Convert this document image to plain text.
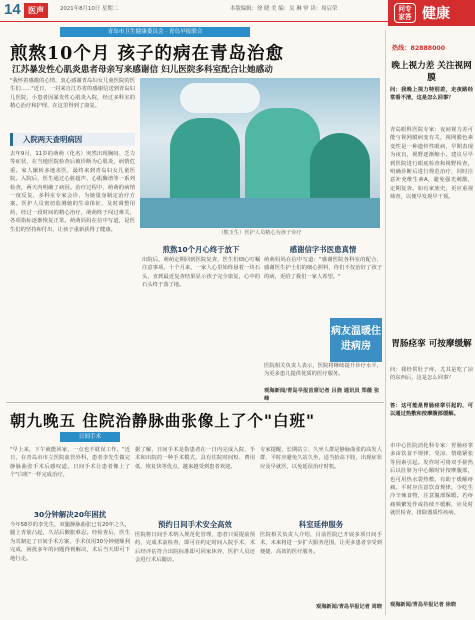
14 医声	2021年8月10日 星期二	本版编辑：徐 晓 美 编：吴 琳 审 读：周启荣
青岛市卫生健康委员会 · 青岛早报联合
煎熬10个月 孩子的病在青岛治愈
江苏暴发性心肌炎患者母亲写来感谢信 妇儿医院多科室配合让她感动
"我怀着感激的心情，衷心感谢青岛妇女儿童医院的医生们……"近日，一封来自江苏省的感谢信送到青岛妇儿医院，小患者因暴发性心肌炎入院，经过多科室的精心治疗和护理，在这里得到了康复。
入院两天查明病因
去年9月，11岁的萌萌（化名）突然出现胸闷、乏力等症状，在当地医院检查后被诊断为心肌炎，病情危重。家人辗转多地求医，最终来到青岛妇女儿童医院。入院后，医生通过心脏超声、心肌酶谱等一系列检查，两天内明确了病因。治疗过程中，萌萌的病情一度反复，多科室专家会诊，为她量身制定治疗方案。医护人员密切监测她的生命体征，及时调整用药，经过一段时间的精心治疗，萌萌终于闯过难关，各项指标逐渐恢复正常。萌萌妈妈在信中写道，是医生们的坚持和付出，让孩子重新获得了健康。
（熊玉生）医护人员精心为孩子诊疗
煎熬10个月心终于放下
出院后，萌萌定期回到医院复查，医生们细心叮嘱注意事项。十个月来，一家人心里始终悬着一块石头，直到最近复查结果显示孩子完全康复，心中的石头终于落了地。
感谢信字书医患真情
萌萌妈妈在信中写道："感谢医院各科室的配合，感谢医生护士们的细心照料，你们不仅治好了孩子的病，更给了我们一家人希望。"
病友温暖住进病房
医院相关负责人表示，医院将继续提升诊疗水平，为更多患儿提供优质的医疗服务。
观海新闻/青岛早报首席记者 吕骁 通讯员 郑薇 张峰
朝九晚五 住院治静脉曲张像上了个"白班"
日间手术
"早上来，下午就能回家，一点也不耽误工作。"近日，在青岛市市立医院血管外科，患者李先生做完静脉曲张手术后感叹道。日间手术让患者像上了个"白班"一样完成治疗。
30分钟解决20年困扰
今年58岁的李先生，双腿静脉曲张已有20年之久，腿上青筋凸起，久站后酸胀难忍。经检查后，医生为其制定了日间手术方案，手术仅用30分钟便顺利完成，困扰多年的问题得到解决，术后当天即可下地行走。
据了解，日间手术是指患者在一日内完成入院、手术和出院的一种手术模式，具有住院时间短、费用低、恢复快等优点，越来越受到患者欢迎。
预约日间手术安全高效
医院将日间手术纳入规范化管理，患者只需提前预约，完成术前检查，即可在约定时间入院手术，术后经评估符合出院标准即可回家休养，医护人员还会进行术后随访。
专家提醒，长期站立、久坐人群是静脉曲张的高发人群，平时应避免久站久坐，适当抬高下肢，出现症状应及早就医，以免延误治疗时机。
科室延伸服务
医院相关负责人介绍，目前医院已开展多项日间手术，未来将进一步扩大服务范围，让更多患者享受到便捷、高效的医疗服务。
观海新闻/青岛早报记者 周晓
问专
家答 健康
热线：82888000
晚上视力差 关注视网膜
问：我晚上视力特别差，走夜路经常看不清，这是怎么回事？
青岛眼科医院专家：夜间视力差可能与视网膜病变有关，视网膜色素变性是一种遗传性眼病，早期表现为夜盲，视野逐渐缩小。建议尽早到医院进行眼底检查和视野检查，明确诊断后进行规范治疗，同时注意补充维生素A，避免强光刺激，定期复查。如有家族史，更应重视筛查，以便早发现早干预。
胃肠痉挛 可按摩缓解
问：我经常肚子疼，尤其是吃了凉的东西后，这是怎么回事？
答：这可能是胃肠痉挛引起的，可以通过热敷和按摩腹部缓解。
市中心医院消化科专家：胃肠痉挛多由饮食不规律、受凉、情绪紧张等因素引起。发作时可将双手搓热后以肚脐为中心顺时针按摩腹部，也可用热水袋热敷，有助于缓解疼痛。平时应注意饮食规律，少吃生冷辛辣食物，注意腹部保暖。若疼痛频繁发作或持续不缓解，应及时就医检查，排除器质性疾病。
观海新闻/青岛早报记者 徐晓
